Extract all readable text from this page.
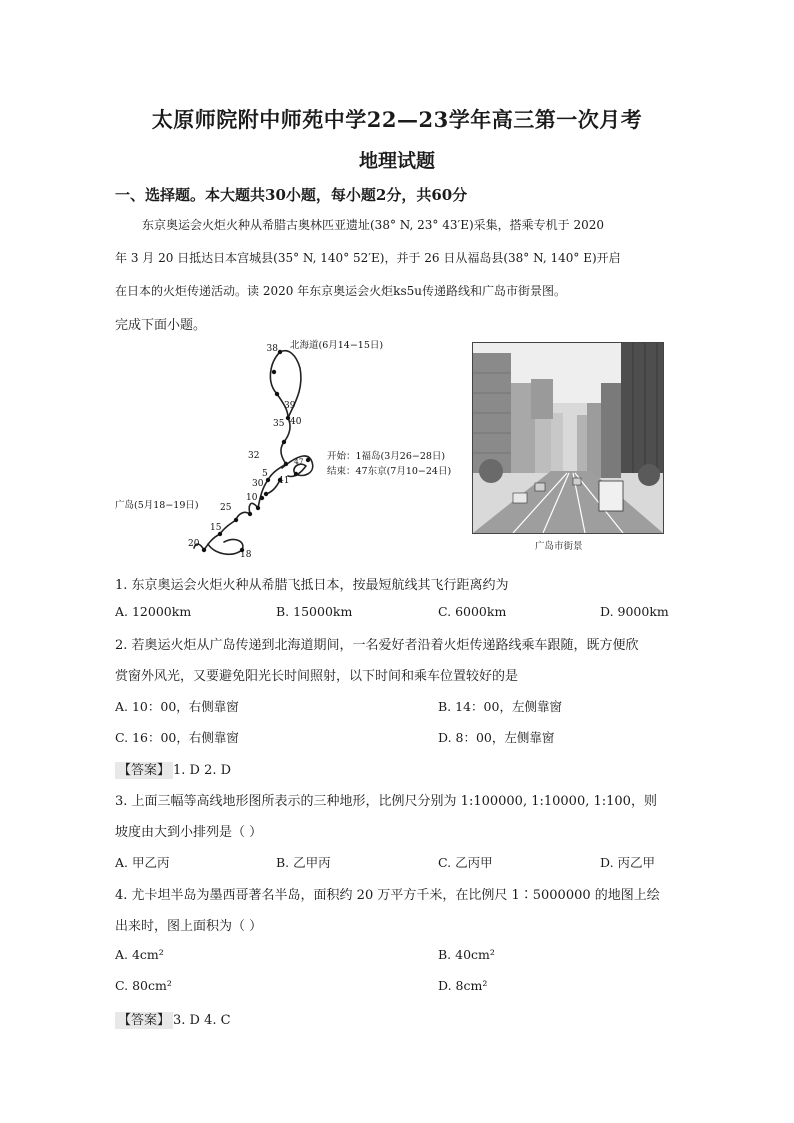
太原师院附中师苑中学22—23学年高三第一次月考
地理试题
一、选择题。本大题共30小题，每小题2分，共60分
东京奥运会火炬火种从希腊古奥林匹亚遗址(38° N, 23° 43′E)采集，搭乘专机于 2020
年 3 月 20 日抵达日本宫城县(35° N, 140° 52′E)，并于 26 日从福岛县(38° N, 140° E)开启
在日本的火炬传递活动。读 2020 年东京奥运会火炬ks5u传递路线和广岛市街景图。
完成下面小题。
38
39
40
35
32
5
30 41
10
25
15
20
18
47
北海道(6月14−15日)
开始：1福岛(3月26−28日)
结束：47东京(7月10−24日)
广岛(5月18−19日)
广岛市街景
1. 东京奥运会火炬火种从希腊飞抵日本，按最短航线其飞行距离约为
A. 12000km	B. 15000km	C. 6000km	D. 9000km
2. 若奥运火炬从广岛传递到北海道期间，一名爱好者沿着火炬传递路线乘车跟随，既方便欣
赏窗外风光，又要避免阳光长时间照射，以下时间和乘车位置较好的是
A. 10：00，右侧靠窗	B. 14：00，左侧靠窗
C. 16：00，右侧靠窗	D. 8：00，左侧靠窗
【答案】 1. D 2. D
3. 上面三幅等高线地形图所表示的三种地形，比例尺分别为 1:100000, 1:10000, 1:100，则
坡度由大到小排列是（ ）
A. 甲乙丙	B. 乙甲丙	C. 乙丙甲	D. 丙乙甲
4. 尤卡坦半岛为墨西哥著名半岛，面积约 20 万平方千米，在比例尺 1∶5000000 的地图上绘
出来时，图上面积为（ ）
A. 4cm²	B. 40cm²
C. 80cm²	D. 8cm²
【答案】 3. D 4. C
